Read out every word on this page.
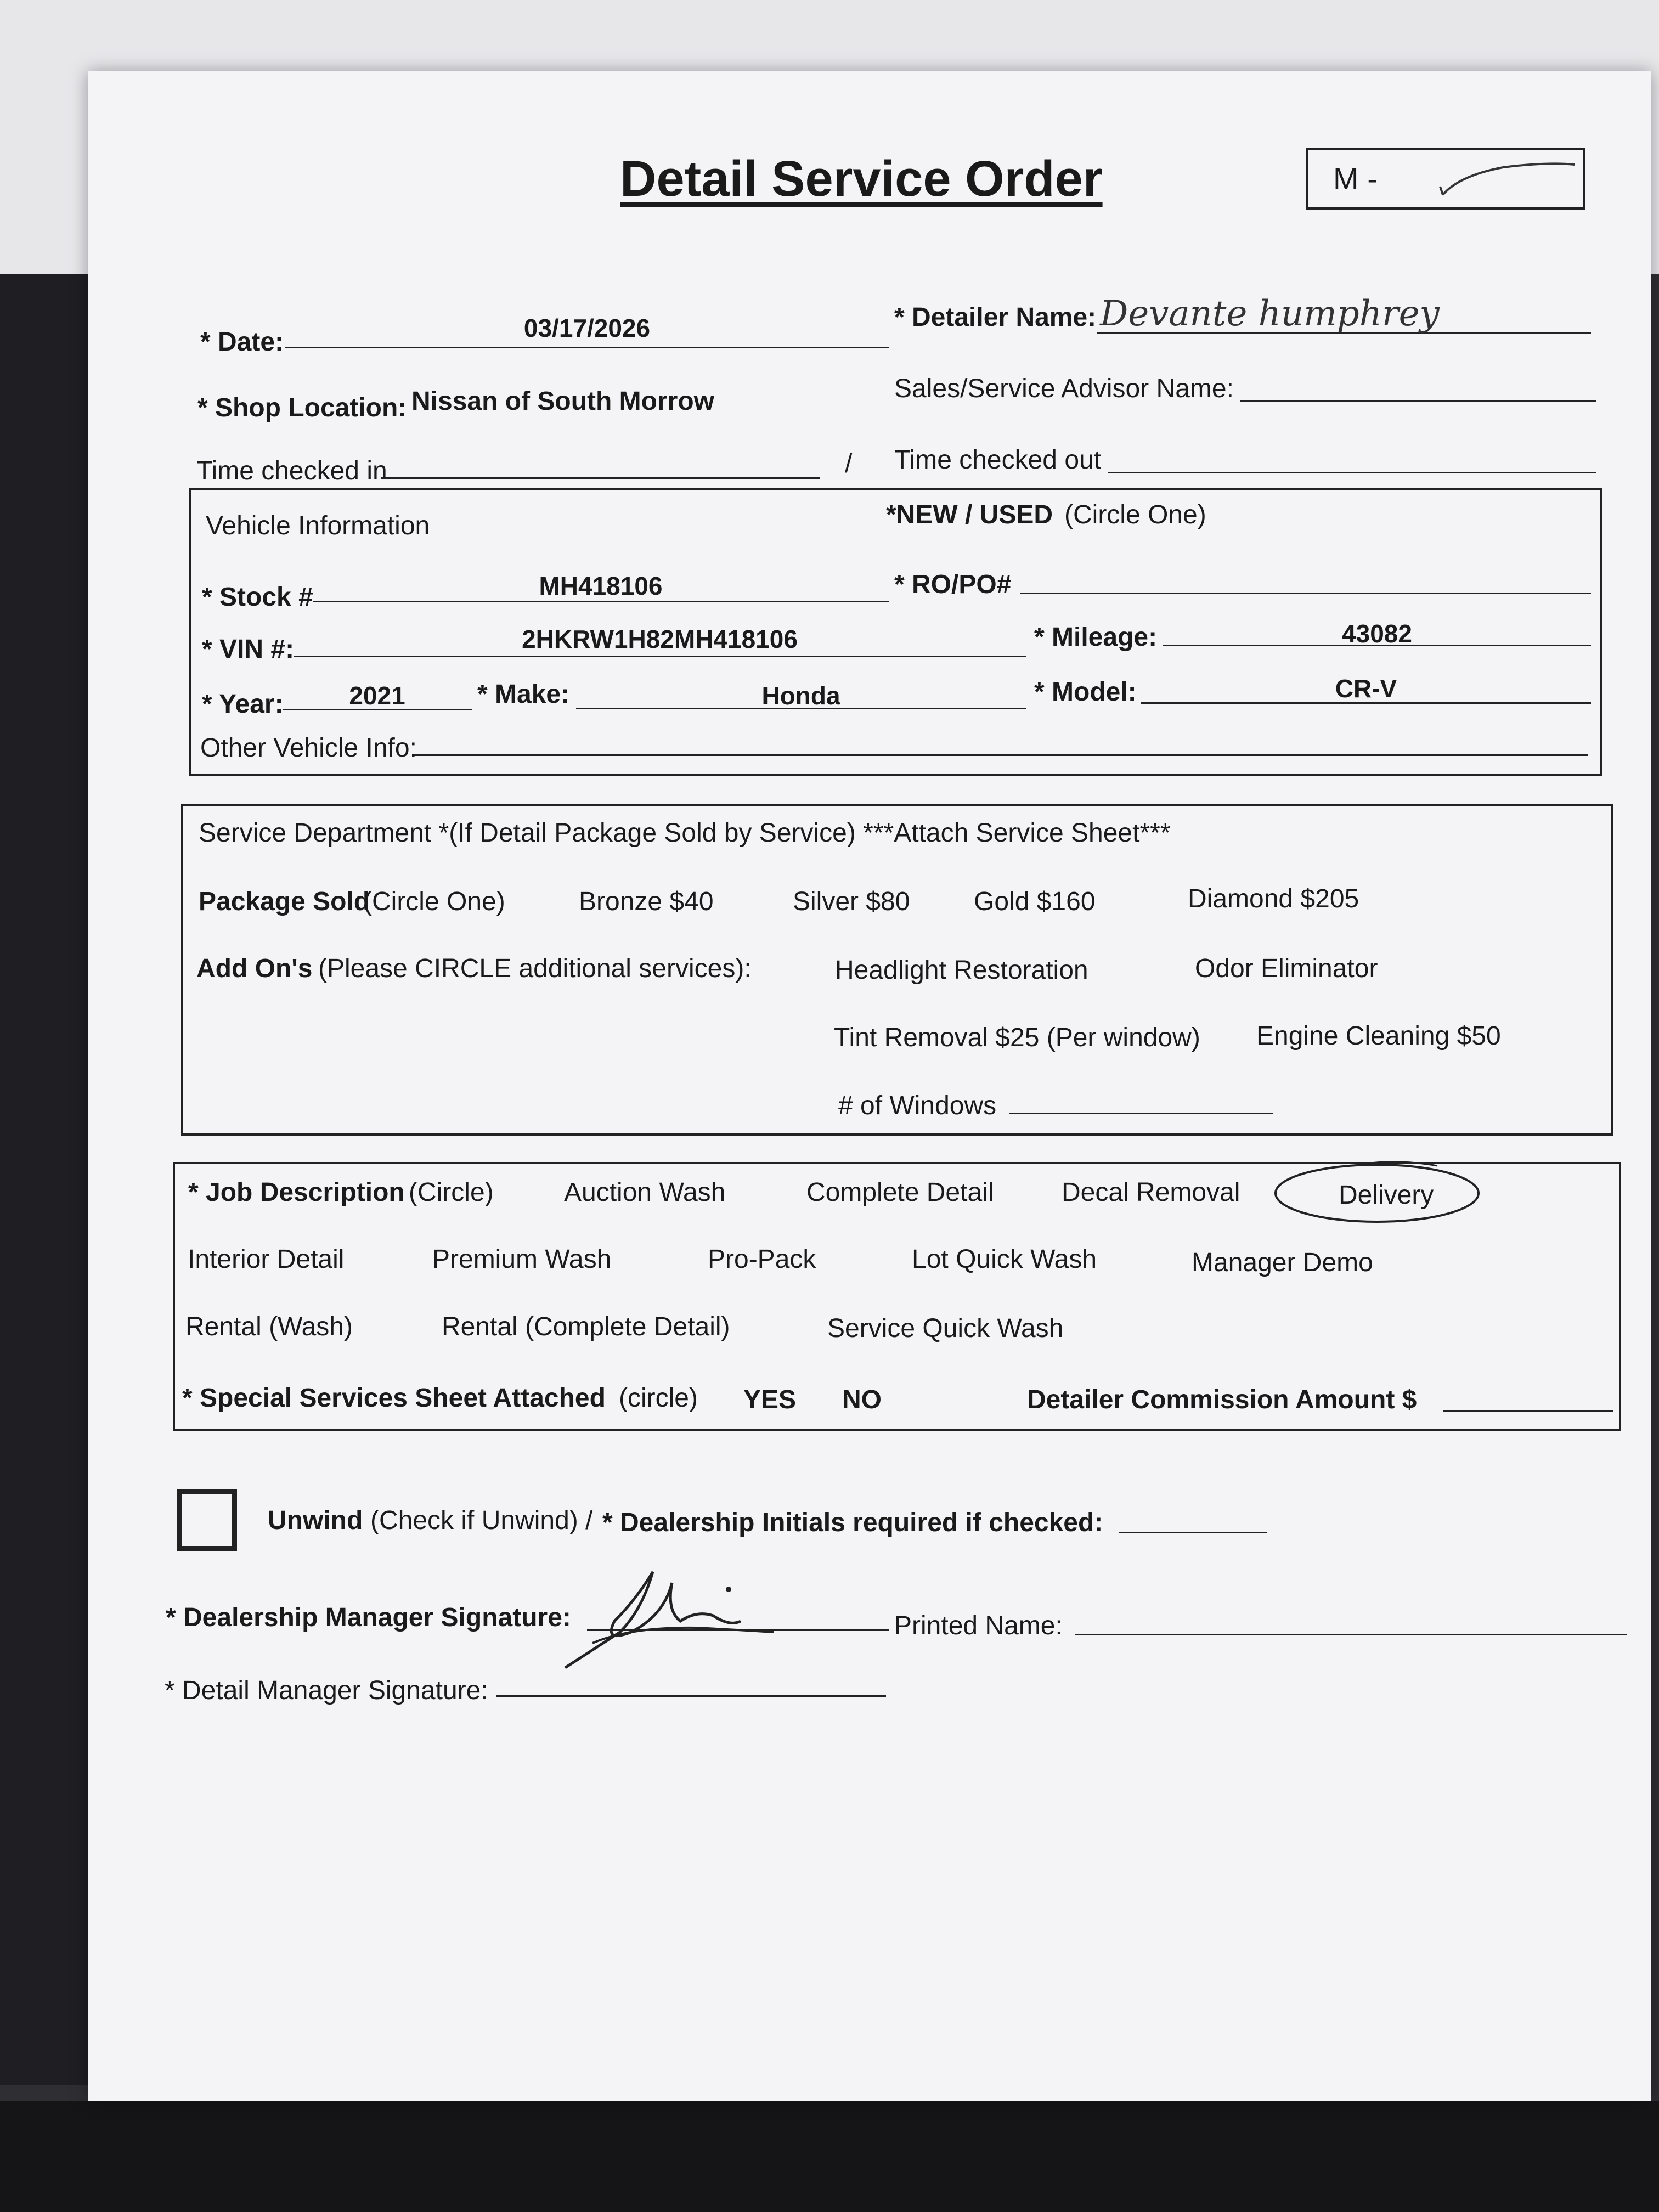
Detail Service Order	M -
* Date:	03/17/2026	* Detailer Name: Devante humphrey
* Shop Location: Nissan of South Morrow	Sales/Service Advisor Name:
Time checked in	/ Time checked out
Vehicle Information	*NEW / USED (Circle One)
* Stock #	MH418106	* RO/PO#
* VIN #:	2HKRW1H82MH418106	* Mileage:	43082
* Year:	2021	* Make:	Honda	* Model:	CR-V
Other Vehicle Info:
Service Department *(If Detail Package Sold by Service) ***Attach Service Sheet***
Package Sold
(Circle One)	Bronze $40	Silver $80 Gold $160	Diamond $205
Add On's (Please CIRCLE additional services):	Headlight Restoration	Odor Eliminator
Tint Removal $25 (Per window) Engine Cleaning $50
# of Windows
* Job Description (Circle)	Auction Wash	Complete Detail	Decal Removal	Delivery
Interior Detail	Premium Wash	Pro-Pack	Lot Quick Wash	Manager Demo
Rental (Wash)	Rental (Complete Detail)	Service Quick Wash
* Special Services Sheet Attached (circle) YES NO	Detailer Commission Amount $
Unwind (Check if Unwind) / * Dealership Initials required if checked:
* Dealership Manager Signature:	Printed Name:
* Detail Manager Signature:
